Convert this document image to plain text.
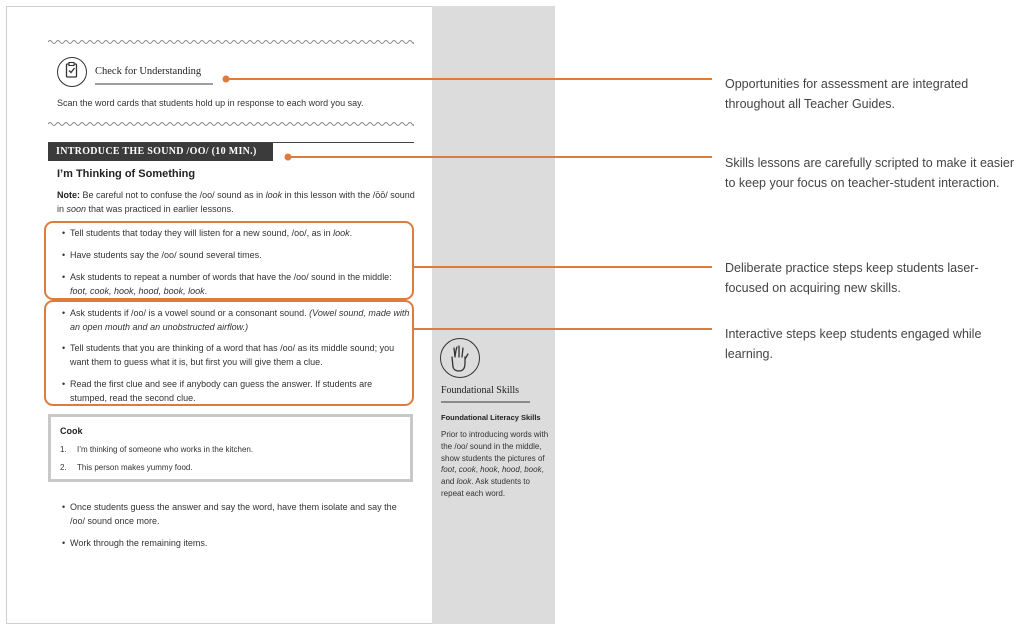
Check for Understanding
Scan the word cards that students hold up in response to each word you say.
INTRODUCE THE SOUND /OO/ (10 MIN.)
I’m Thinking of Something
Note: Be careful not to confuse the /oo/ sound as in look in this lesson with the /ōō/ sound in soon that was practiced in earlier lessons.
• Tell students that today they will listen for a new sound, /oo/, as in look.
• Have students say the /oo/ sound several times.
• Ask students to repeat a number of words that have the /oo/ sound in the middle: foot, cook, hook, hood, book, look.
• Ask students if /oo/ is a vowel sound or a consonant sound. (Vowel sound, made with an open mouth and an unobstructed airflow.)
• Tell students that you are thinking of a word that has /oo/ as its middle sound; you want them to guess what it is, but first you will give them a clue.
• Read the first clue and see if anybody can guess the answer. If students are stumped, read the second clue.
Cook
1. I’m thinking of someone who works in the kitchen.
2. This person makes yummy food.
• Once students guess the answer and say the word, have them isolate and say the /oo/ sound once more.
• Work through the remaining items.
Foundational Skills
Foundational Literacy Skills
Prior to introducing words with the /oo/ sound in the middle, show students the pictures of foot, cook, hook, hood, book, and look. Ask students to repeat each word.
Opportunities for assessment are integrated throughout all Teacher Guides.
Skills lessons are carefully scripted to make it easier to keep your focus on teacher-student interaction.
Deliberate practice steps keep students laser-focused on acquiring new skills.
Interactive steps keep students engaged while learning.
